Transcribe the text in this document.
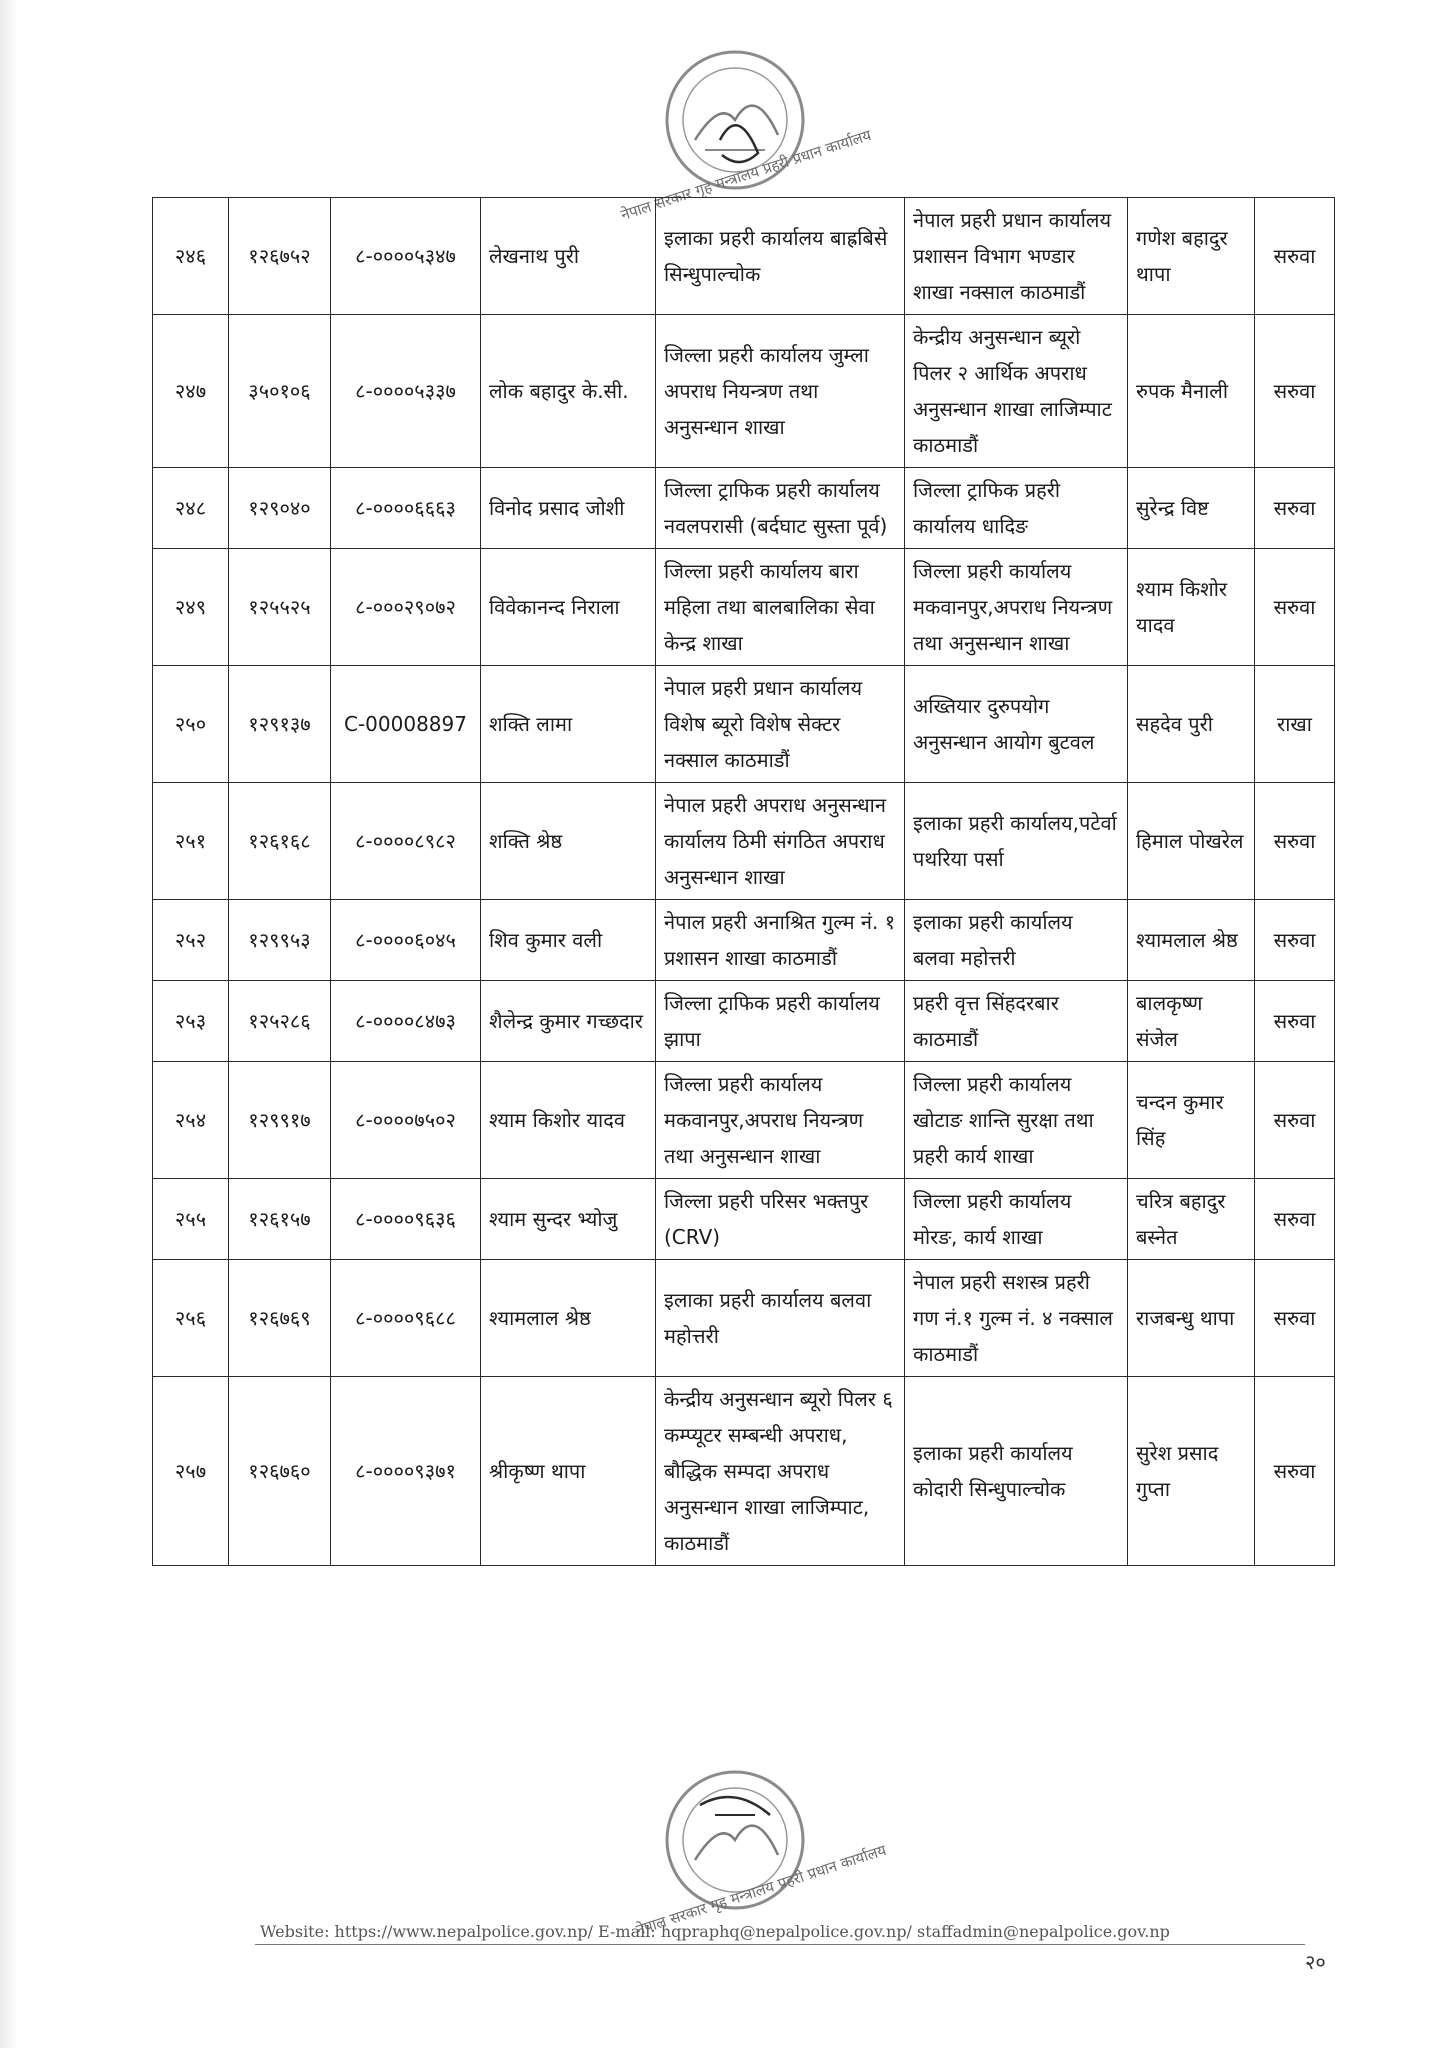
नेपाल सरकार गृह मन्त्रालय प्रहरी प्रधान कार्यालय
२४६	१२६७५२	८-००००५३४७	लेखनाथ पुरी	इलाका प्रहरी कार्यालय बाह्रबिसे सिन्धुपाल्चोक	नेपाल प्रहरी प्रधान कार्यालय प्रशासन विभाग भण्डार शाखा नक्साल काठमाडौं	गणेश बहादुर थापा	सरुवा
२४७	३५०१०६	८-००००५३३७	लोक बहादुर के.सी.	जिल्ला प्रहरी कार्यालय जुम्ला अपराध नियन्त्रण तथा अनुसन्धान शाखा	केन्द्रीय अनुसन्धान ब्यूरो पिलर २ आर्थिक अपराध अनुसन्धान शाखा लाजिम्पाट काठमाडौं	रुपक मैनाली	सरुवा
२४८	१२९०४०	८-००००६६६३	विनोद प्रसाद जोशी	जिल्ला ट्राफिक प्रहरी कार्यालय नवलपरासी (बर्दघाट सुस्ता पूर्व)	जिल्ला ट्राफिक प्रहरी कार्यालय धादिङ	सुरेन्द्र विष्ट	सरुवा
२४९	१२५५२५	८-०००२९०७२	विवेकानन्द निराला	जिल्ला प्रहरी कार्यालय बारा महिला तथा बालबालिका सेवा केन्द्र शाखा	जिल्ला प्रहरी कार्यालय मकवानपुर,अपराध नियन्त्रण तथा अनुसन्धान शाखा	श्याम किशोर यादव	सरुवा
२५०	१२९१३७	C-00008897	शक्ति लामा	नेपाल प्रहरी प्रधान कार्यालय विशेष ब्यूरो विशेष सेक्टर नक्साल काठमाडौं	अख्तियार दुरुपयोग अनुसन्धान आयोग बुटवल	सहदेव पुरी	राखा
२५१	१२६१६८	८-००००८९८२	शक्ति श्रेष्ठ	नेपाल प्रहरी अपराध अनुसन्धान कार्यालय ठिमी संगठित अपराध अनुसन्धान शाखा	इलाका प्रहरी कार्यालय,पटेर्वा पथरिया पर्सा	हिमाल पोखरेल	सरुवा
२५२	१२९९५३	८-००००६०४५	शिव कुमार वली	नेपाल प्रहरी अनाश्रित गुल्म नं. १ प्रशासन शाखा काठमाडौं	इलाका प्रहरी कार्यालय बलवा महोत्तरी	श्यामलाल श्रेष्ठ	सरुवा
२५३	१२५२८६	८-००००८४७३	शैलेन्द्र कुमार गच्छदार	जिल्ला ट्राफिक प्रहरी कार्यालय झापा	प्रहरी वृत्त सिंहदरबार काठमाडौं	बालकृष्ण संजेल	सरुवा
२५४	१२९९१७	८-००००७५०२	श्याम किशोर यादव	जिल्ला प्रहरी कार्यालय मकवानपुर,अपराध नियन्त्रण तथा अनुसन्धान शाखा	जिल्ला प्रहरी कार्यालय खोटाङ शान्ति सुरक्षा तथा प्रहरी कार्य शाखा	चन्दन कुमार सिंह	सरुवा
२५५	१२६१५७	८-००००९६३६	श्याम सुन्दर भ्योजु	जिल्ला प्रहरी परिसर भक्तपुर (CRV)	जिल्ला प्रहरी कार्यालय मोरङ, कार्य शाखा	चरित्र बहादुर बस्नेत	सरुवा
२५६	१२६७६९	८-००००९६८८	श्यामलाल श्रेष्ठ	इलाका प्रहरी कार्यालय बलवा महोत्तरी	नेपाल प्रहरी सशस्त्र प्रहरी गण नं.१ गुल्म नं. ४ नक्साल काठमाडौं	राजबन्धु थापा	सरुवा
२५७	१२६७६०	८-००००९३७१	श्रीकृष्ण थापा	केन्द्रीय अनुसन्धान ब्यूरो पिलर ६ कम्प्यूटर सम्बन्धी अपराध, बौद्धिक सम्पदा अपराध अनुसन्धान शाखा लाजिम्पाट, काठमाडौं	इलाका प्रहरी कार्यालय कोदारी सिन्धुपाल्चोक	सुरेश प्रसाद गुप्ता	सरुवा
नेपाल सरकार गृह मन्त्रालय प्रहरी प्रधान कार्यालय
Website: https://www.nepalpolice.gov.np/ E-mail: hqpraphq@nepalpolice.gov.np/ staffadmin@nepalpolice.gov.np
२०
